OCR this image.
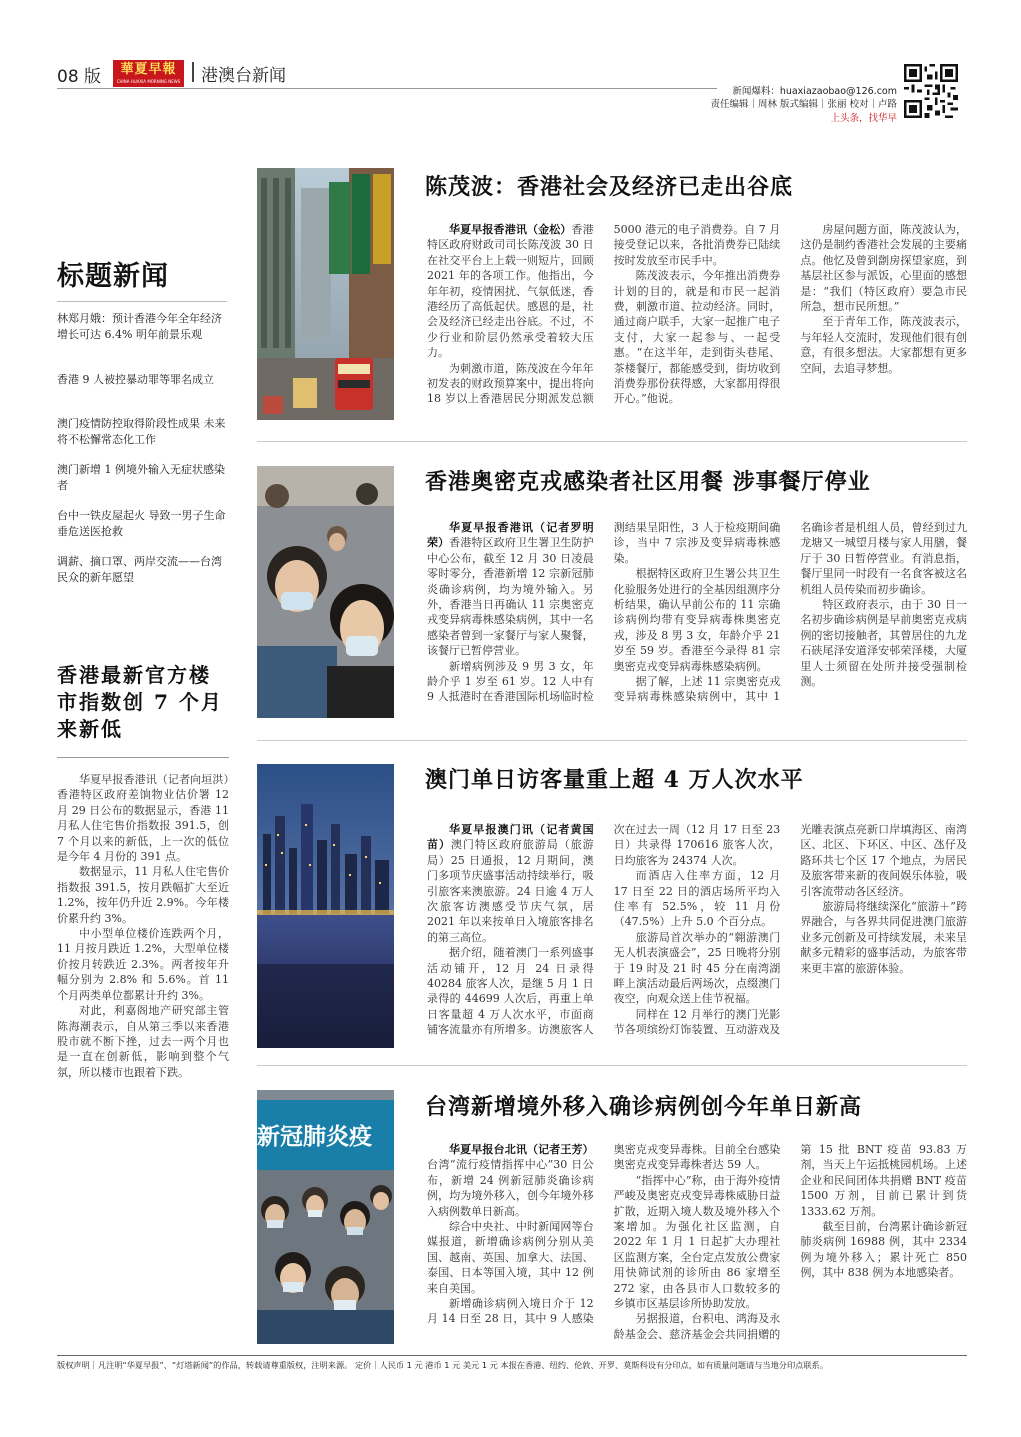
08 版	華夏早報
CHINA HUAXIA MORNING NEWS 港澳台新闻
新闻爆料：huaxiazaobao@126.com
责任编辑｜周林 版式编辑｜张丽 校对｜卢路
上头条，找华早
标题新闻
林郑月娥：预计香港今年全年经济增长可达 6.4% 明年前景乐观
香港 9 人被控暴动罪等罪名成立
澳门疫情防控取得阶段性成果 未来将不松懈常态化工作
澳门新增 1 例境外输入无症状感染者
台中一铁皮屋起火 导致一男子生命垂危送医抢救
调薪、摘口罩、两岸交流——台湾民众的新年愿望
香港最新官方楼市指数创 7 个月来新低

华夏早报香港讯（记者向垣洪）香港特区政府差饷物业估价署 12 月 29 日公布的数据显示，香港 11 月私人住宅售价指数报 391.5，创 7 个月以来的新低，上一次的低位是今年 4 月份的 391 点。

数据显示，11 月私人住宅售价指数报 391.5，按月跌幅扩大至近 1.2%，按年仍升近 2.9%。今年楼价累升约 3%。

中小型单位楼价连跌两个月，11 月按月跌近 1.2%，大型单位楼价按月转跌近 2.3%。两者按年升幅分别为 2.8% 和 5.6%。首 11 个月两类单位都累计升约 3%。

对此，利嘉阁地产研究部主管陈海潮表示，自从第三季以来香港股市就不断下挫，过去一两个月也是一直在创新低，影响到整个气氛，所以楼市也跟着下跌。

陈茂波：香港社会及经济已走出谷底

华夏早报香港讯（金松）香港特区政府财政司司长陈茂波 30 日在社交平台上上载一则短片，回顾 2021 年的各项工作。他指出，今年年初，疫情困扰、气氛低迷，香港经历了高低起伏。感恩的是，社会及经济已经走出谷底。不过，不少行业和阶层仍然承受着较大压力。

为刺激市道，陈茂波在今年年初发表的财政预算案中，提出将向 18 岁以上香港居民分期派发总额 5000 港元的电子消费券。自 7 月接受登记以来，各批消费券已陆续按时发放至市民手中。

陈茂波表示，今年推出消费券计划的目的，就是和市民一起消费，刺激市道、拉动经济。同时，通过商户联手，大家一起推广电子支付，大家一起参与、一起受惠。“在这半年，走到街头巷尾、茶楼餐厅，都能感受到，街坊收到消费券那份获得感，大家都用得很开心。”他说。

房屋问题方面，陈茂波认为，这仍是制约香港社会发展的主要痛点。他忆及曾到劏房探望家庭，到基层社区参与派饭，心里面的感想是：“我们（特区政府）要急市民所急，想市民所想。”

至于青年工作，陈茂波表示，与年轻人交流时，发现他们很有创意，有很多想法。大家都想有更多空间，去追寻梦想。

香港奥密克戎感染者社区用餐 涉事餐厅停业

华夏早报香港讯（记者罗明荣）香港特区政府卫生署卫生防护中心公布，截至 12 月 30 日凌晨零时零分，香港新增 12 宗新冠肺炎确诊病例，均为境外输入。另外，香港当日再确认 11 宗奥密克戎变异病毒株感染病例，其中一名感染者曾到一家餐厅与家人聚餐，该餐厅已暂停营业。

新增病例涉及 9 男 3 女，年龄介乎 1 岁至 61 岁。12 人中有 9 人抵港时在香港国际机场临时检测结果呈阳性，3 人于检疫期间确诊，当中 7 宗涉及变异病毒株感染。

根据特区政府卫生署公共卫生化验服务处进行的全基因组测序分析结果，确认早前公布的 11 宗确诊病例均带有变异病毒株奥密克戎，涉及 8 男 3 女，年龄介乎 21 岁至 59 岁。香港至今录得 81 宗奥密克戎变异病毒株感染病例。

据了解，上述 11 宗奥密克戎变异病毒株感染病例中，其中 1 名确诊者是机组人员，曾经到过九龙塘又一城望月楼与家人用膳，餐厅于 30 日暂停营业。有消息指，餐厅里同一时段有一名食客被这名机组人员传染而初步确诊。

特区政府表示，由于 30 日一名初步确诊病例是早前奥密克戎病例的密切接触者，其曾居住的九龙石硖尾泽安道泽安邨荣泽楼，大厦里人士须留在处所并接受强制检测。

澳门单日访客量重上超 4 万人次水平

华夏早报澳门讯（记者黄国苗）澳门特区政府旅游局（旅游局）25 日通报，12 月期间，澳门多项节庆盛事活动持续举行，吸引旅客来澳旅游。24 日逾 4 万人次旅客访澳感受节庆气氛，居 2021 年以来按单日入境旅客排名的第三高位。

据介绍，随着澳门一系列盛事活动铺开，12 月 24 日录得 40284 旅客人次，是继 5 月 1 日录得的 44699 人次后，再重上单日客量超 4 万人次水平，市面商铺客流量亦有所增多。访澳旅客人次在过去一周（12 月 17 日至 23 日）共录得 170616 旅客人次，日均旅客为 24374 人次。

而酒店入住率方面，12 月 17 日至 22 日的酒店场所平均入住率有 52.5%，较 11 月份（47.5%）上升 5.0 个百分点。

旅游局首次举办的“翱游澳门无人机表演盛会”，25 日晚将分别于 19 时及 21 时 45 分在南湾湖畔上演活动最后两场次，点缀澳门夜空，向观众送上佳节祝福。

同样在 12 月举行的澳门光影节各项缤纷灯饰装置、互动游戏及光雕表演点亮新口岸填海区、南湾区、北区、下环区、中区、氹仔及路环共七个区 17 个地点，为居民及旅客带来新的夜间娱乐体验，吸引客流带动各区经济。

旅游局将继续深化“旅游＋”跨界融合，与各界共同促进澳门旅游业多元创新及可持续发展，未来呈献多元精彩的盛事活动，为旅客带来更丰富的旅游体验。

新冠肺炎疫
台湾新增境外移入确诊病例创今年单日新高

华夏早报台北讯（记者王芳）台湾“流行疫情指挥中心”30 日公布，新增 24 例新冠肺炎确诊病例，均为境外移入，创今年境外移入病例数单日新高。

综合中央社、中时新闻网等台媒报道，新增确诊病例分别从美国、越南、英国、加拿大、法国、泰国、日本等国入境，其中 12 例来自美国。

新增确诊病例入境日介于 12 月 14 日至 28 日，其中 9 人感染奥密克戎变异毒株。目前全台感染奥密克戎变异毒株者达 59 人。

“指挥中心”称，由于海外疫情严峻及奥密克戎变异毒株威胁日益扩散，近期入境人数及境外移入个案增加。为强化社区监测，自 2022 年 1 月 1 日起扩大办理社区监测方案，全台定点发放公费家用快筛试剂的诊所由 86 家增至 272 家，由各县市人口数较多的乡镇市区基层诊所协助发放。

另据报道，台积电、鸿海及永龄基金会、慈济基金会共同捐赠的第 15 批 BNT 疫苗 93.83 万剂，当天上午运抵桃园机场。上述企业和民间团体共捐赠 BNT 疫苗 1500 万剂，目前已累计到货 1333.62 万剂。

截至目前，台湾累计确诊新冠肺炎病例 16988 例，其中 2334 例为境外移入；累计死亡 850 例，其中 838 例为本地感染者。

版权声明｜凡注明“华夏早报”、“灯塔新闻”的作品，转载请尊重版权，注明来源。 定价｜人民币 1 元 港币 1 元 美元 1 元 本报在香港、纽约、伦敦、开罗、莫斯科设有分印点，如有质量问题请与当地分印点联系。
